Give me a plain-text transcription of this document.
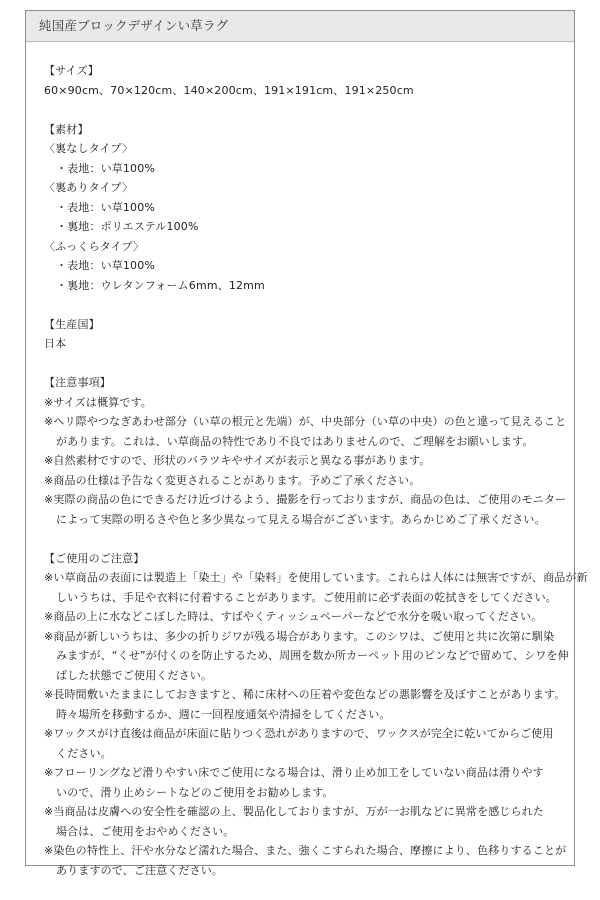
純国産ブロックデザインい草ラグ
【サイズ】
60×90cm、70×120cm、140×200cm、191×191cm、191×250cm
【素材】
〈裏なしタイプ〉
・表地：い草100%
〈裏ありタイプ〉
・表地：い草100%
・裏地：ポリエステル100%
〈ふっくらタイプ〉
・表地：い草100%
・裏地：ウレタンフォーム6mm、12mm
【生産国】
日本
【注意事項】
※サイズは概算です。
※ヘリ際やつなぎあわせ部分（い草の根元と先端）が、中央部分（い草の中央）の色と違って見えること
があります。これは、い草商品の特性であり不良ではありませんので、ご理解をお願いします。
※自然素材ですので、形状のバラツキやサイズが表示と異なる事があります。
※商品の仕様は予告なく変更されることがあります。予めご了承ください。
※実際の商品の色にできるだけ近づけるよう、撮影を行っておりますが、商品の色は、ご使用のモニター
によって実際の明るさや色と多少異なって見える場合がございます。あらかじめご了承ください。
【ご使用のご注意】
※い草商品の表面には製造上「染土」や「染料」を使用しています。これらは人体には無害ですが、商品が新
しいうちは、手足や衣料に付着することがあります。ご使用前に必ず表面の乾拭きをしてください。
※商品の上に水などこぼした時は、すばやくティッシュペーパーなどで水分を吸い取ってください。
※商品が新しいうちは、多少の折りジワが残る場合があります。このシワは、ご使用と共に次第に馴染
みますが、“くせ”が付くのを防止するため、周囲を数か所カーペット用のピンなどで留めて、シワを伸
ばした状態でご使用ください。
※長時間敷いたままにしておきますと、稀に床材への圧着や変色などの悪影響を及ぼすことがあります。
時々場所を移動するか、週に一回程度通気や清掃をしてください。
※ワックスがけ直後は商品が床面に貼りつく恐れがありますので、ワックスが完全に乾いてからご使用
ください。
※フローリングなど滑りやすい床でご使用になる場合は、滑り止め加工をしていない商品は滑りやす
いので、滑り止めシートなどのご使用をお勧めします。
※当商品は皮膚への安全性を確認の上、製品化しておりますが、万が一お肌などに異常を感じられた
場合は、ご使用をおやめください。
※染色の特性上、汗や水分など濡れた場合、また、強くこすられた場合、摩擦により、色移りすることが
ありますので、ご注意ください。
